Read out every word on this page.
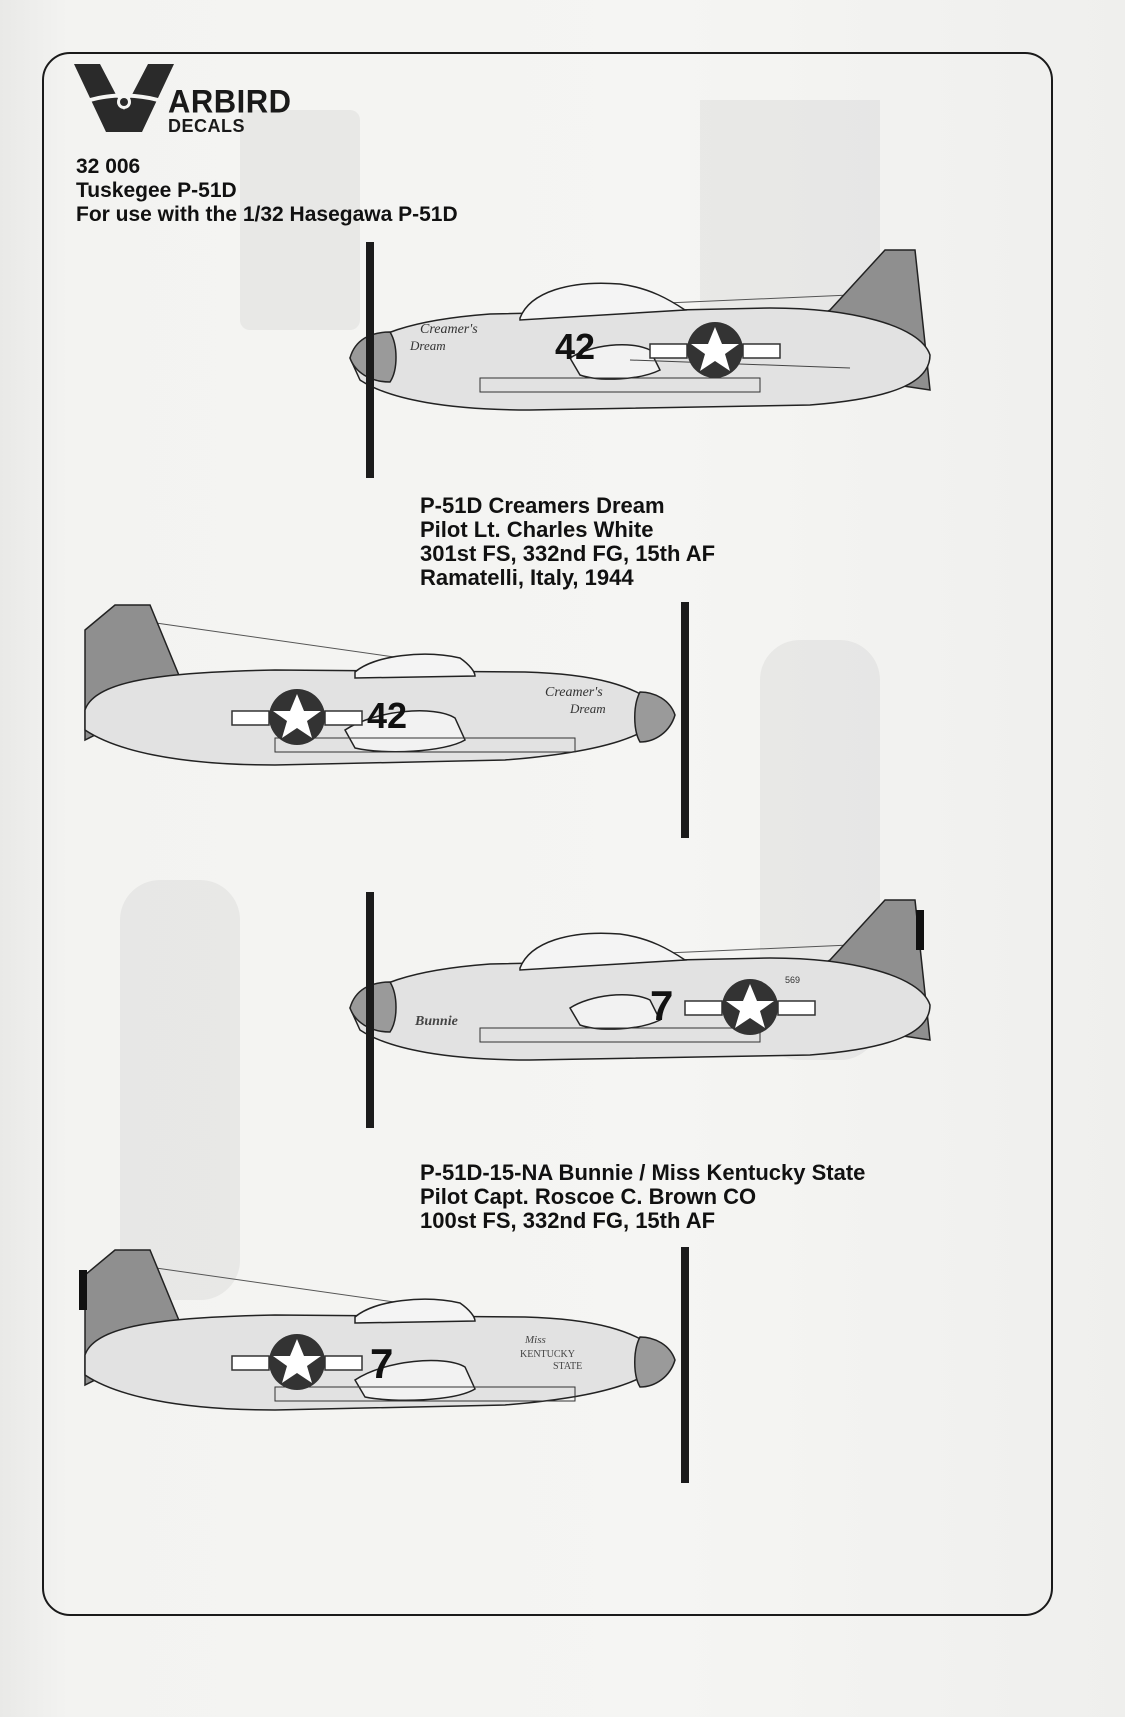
ARBIRD
DECALS
32 006
Tuskegee P-51D
For use with the 1/32 Hasegawa P-51D
42
Creamer's
Dream
P-51D Creamers Dream
Pilot Lt. Charles White
301st FS, 332nd FG, 15th AF
Ramatelli, Italy, 1944
42
Creamer's
Dream
7
569
Bunnie
P-51D-15-NA Bunnie / Miss Kentucky State
Pilot Capt. Roscoe C. Brown CO
100st FS, 332nd FG, 15th AF
7	Miss
KENTUCKY
STATE
